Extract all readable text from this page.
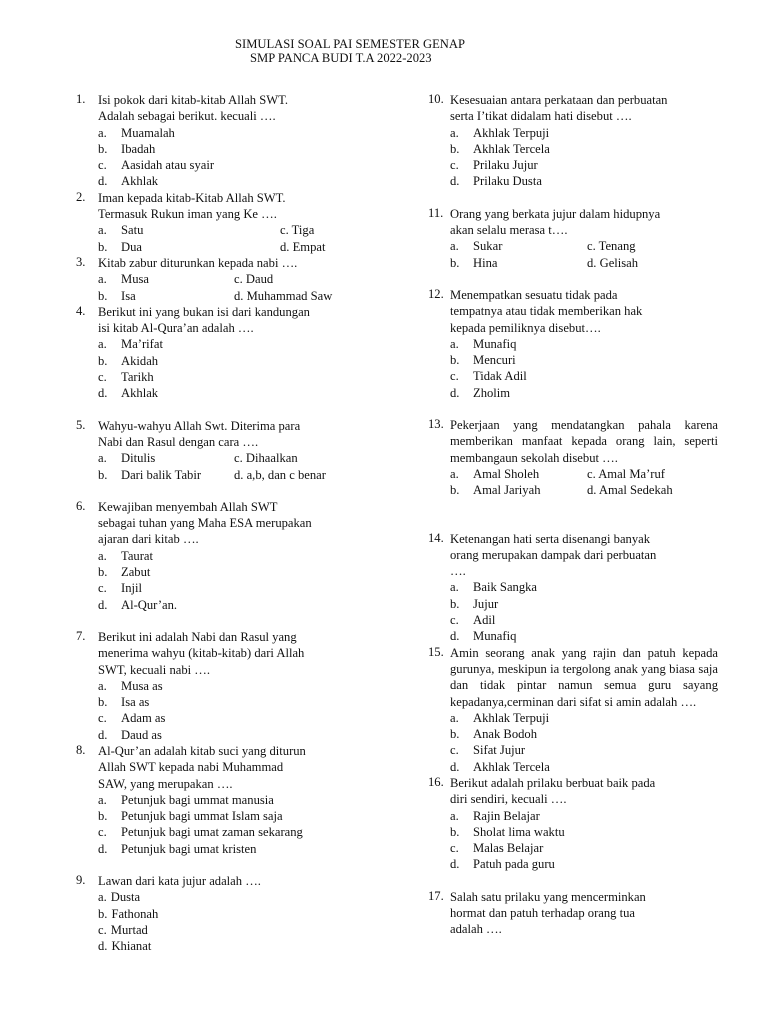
SIMULASI SOAL PAI SEMESTER GENAP
SMP PANCA BUDI T.A 2022-2023
1. Isi pokok dari kitab-kitab Allah SWT.
Adalah sebagai berikut. kecuali ….
a.	Muamalah
b.	Ibadah
c.	Aasidah atau syair
d.	Akhlak
2. Iman kepada kitab-Kitab Allah SWT.
Termasuk Rukun iman yang Ke ….
a. Satu	c. Tiga
b. Dua	d. Empat
3. Kitab zabur diturunkan kepada nabi ….
a. Musa	c. Daud
b. Isa	d. Muhammad Saw
4. Berikut ini yang bukan isi dari kandungan
isi kitab Al-Qura’an adalah ….
a.	Ma’rifat
b.	Akidah
c.	Tarikh
d.	Akhlak
5. Wahyu-wahyu Allah Swt. Diterima para
Nabi dan Rasul dengan cara ….
a. Ditulis	c. Dihaalkan
b. Dari balik Tabir	d. a,b, dan c benar
6. Kewajiban menyembah Allah SWT
sebagai tuhan yang Maha ESA merupakan
ajaran dari kitab ….
a.	Taurat
b.	Zabut
c.	Injil
d.	Al-Qur’an.
7. Berikut ini adalah Nabi dan Rasul yang
menerima wahyu (kitab-kitab) dari Allah
SWT, kecuali nabi ….
a.	Musa as
b.	Isa as
c.	Adam as
d.	Daud as
8. Al-Qur’an adalah kitab suci yang diturun
Allah SWT kepada nabi Muhammad
SAW, yang merupakan ….
a.	Petunjuk bagi ummat manusia
b.	Petunjuk bagi ummat Islam saja
c.	Petunjuk bagi umat zaman sekarang
d.	Petunjuk bagi umat kristen
9. Lawan dari kata jujur adalah ….
a. Dusta
b. Fathonah
c. Murtad
d. Khianat
10. Kesesuaian antara perkataan dan perbuatan
serta I’tikat didalam hati disebut ….
a.	Akhlak Terpuji
b.	Akhlak Tercela
c.	Prilaku Jujur
d.	Prilaku Dusta
11. Orang yang berkata jujur dalam hidupnya
akan selalu merasa t….
a. Sukar	c. Tenang
b. Hina	d. Gelisah
12. Menempatkan sesuatu tidak pada
tempatnya atau tidak memberikan hak
kepada pemiliknya disebut….
a.	Munafiq
b.	Mencuri
c.	Tidak Adil
d.	Zholim
13. Pekerjaan yang mendatangkan pahala karena memberikan manfaat kepada orang lain, seperti membangaun sekolah disebut ….
a. Amal Sholeh	c. Amal Ma’ruf
b. Amal Jariyah	d. Amal Sedekah
14. Ketenangan hati serta disenangi banyak
orang merupakan dampak dari perbuatan
….
a.	Baik Sangka
b.	Jujur
c.	Adil
d.	Munafiq
15. Amin seorang anak yang rajin dan patuh kepada gurunya, meskipun ia tergolong anak yang biasa saja dan tidak pintar namun semua guru sayang kepadanya,cerminan dari sifat si amin adalah ….
a.	Akhlak Terpuji
b.	Anak Bodoh
c.	Sifat Jujur
d.	Akhlak Tercela
16. Berikut adalah prilaku berbuat baik pada
diri sendiri, kecuali ….
a.	Rajin Belajar
b.	Sholat lima waktu
c.	Malas Belajar
d.	Patuh pada guru
17. Salah satu prilaku yang mencerminkan
hormat dan patuh terhadap orang tua
adalah ….
